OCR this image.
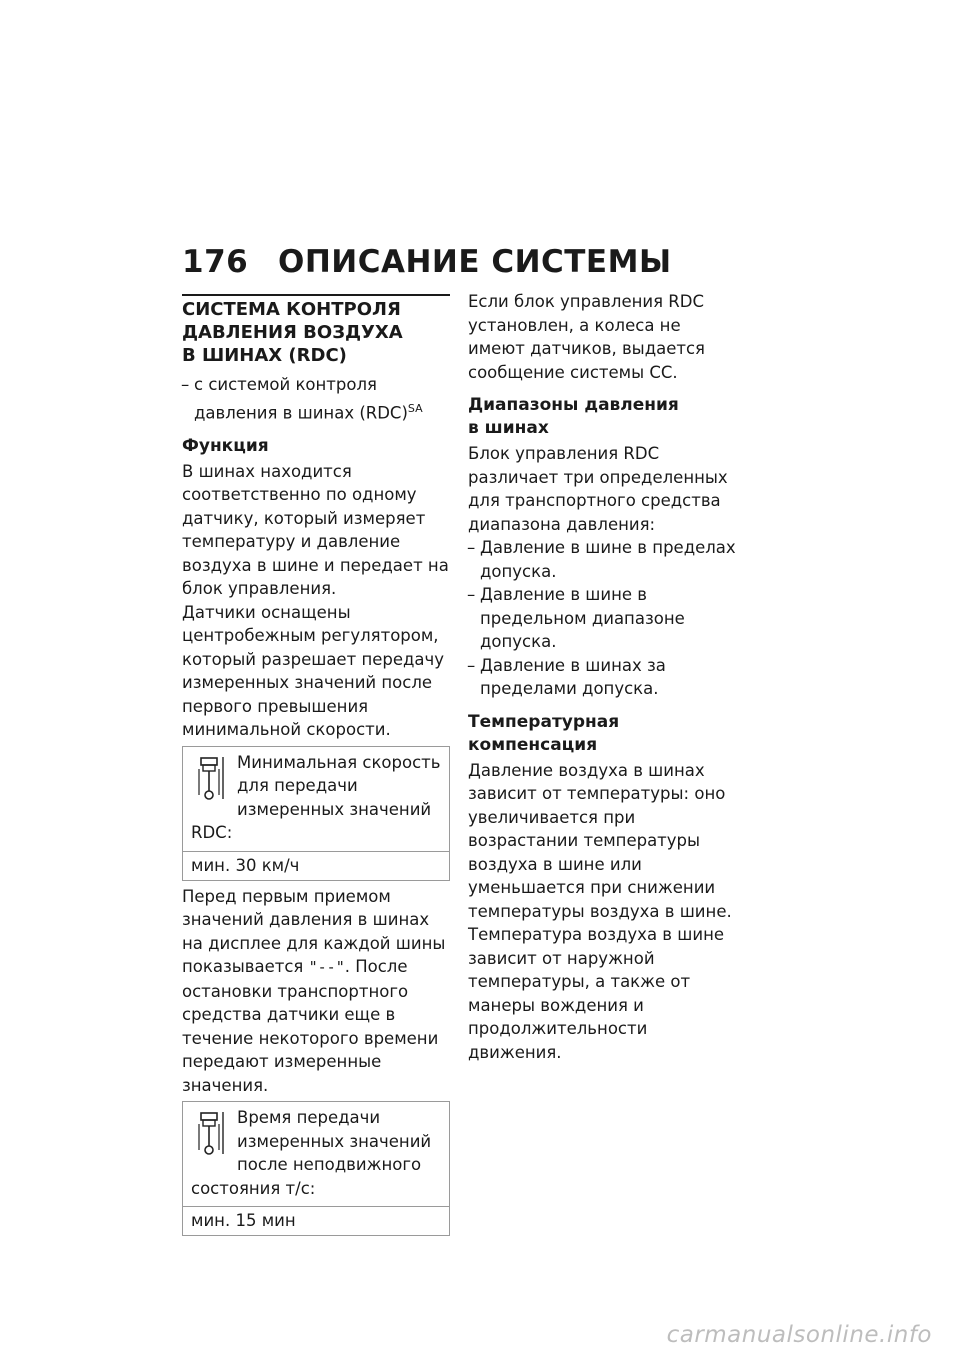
176 ОПИСАНИЕ СИСТЕМЫ
СИСТЕМА КОНТРОЛЯ
ДАВЛЕНИЯ ВОЗДУХА
В ШИНАХ (RDC)
– с системой контроля давления в шинах (RDC)$^{SA}$
Функция

В шинах находится соответственно по одному датчику, который измеряет температуру и давление воздуха в шине и передает на блок управления.

Датчики оснащены центробежным регулятором, который разрешает передачу измеренных значений после первого превышения минимальной скорости.

Минимальная скорость для передачи измеренных значений RDC:
мин. 30 км/ч

Перед первым приемом значений давления в шинах на дисплее для каждой шины показывается "--". После остановки транспортного средства датчики еще в течение некоторого времени передают измеренные значения.

Время передачи измеренных значений после неподвижного состояния т/с:
мин. 15 мин

Если блок управления RDC установлен, а колеса не имеют датчиков, выдается сообщение системы CC.

Диапазоны давления
в шинах

Блок управления RDC различает три определенных для транспортного средства диапазона давления:

– Давление в шине в пределах допуска.
– Давление в шине в предельном диапазоне допуска.
– Давление в шинах за пределами допуска.
Температурная
компенсация

Давление воздуха в шинах зависит от температуры: оно увеличивается при возрастании температуры воздуха в шине или уменьшается при снижении температуры воздуха в шине. Температура воздуха в шине зависит от наружной температуры, а также от манеры вождения и продолжительности движения.

carmanualsonline.info
